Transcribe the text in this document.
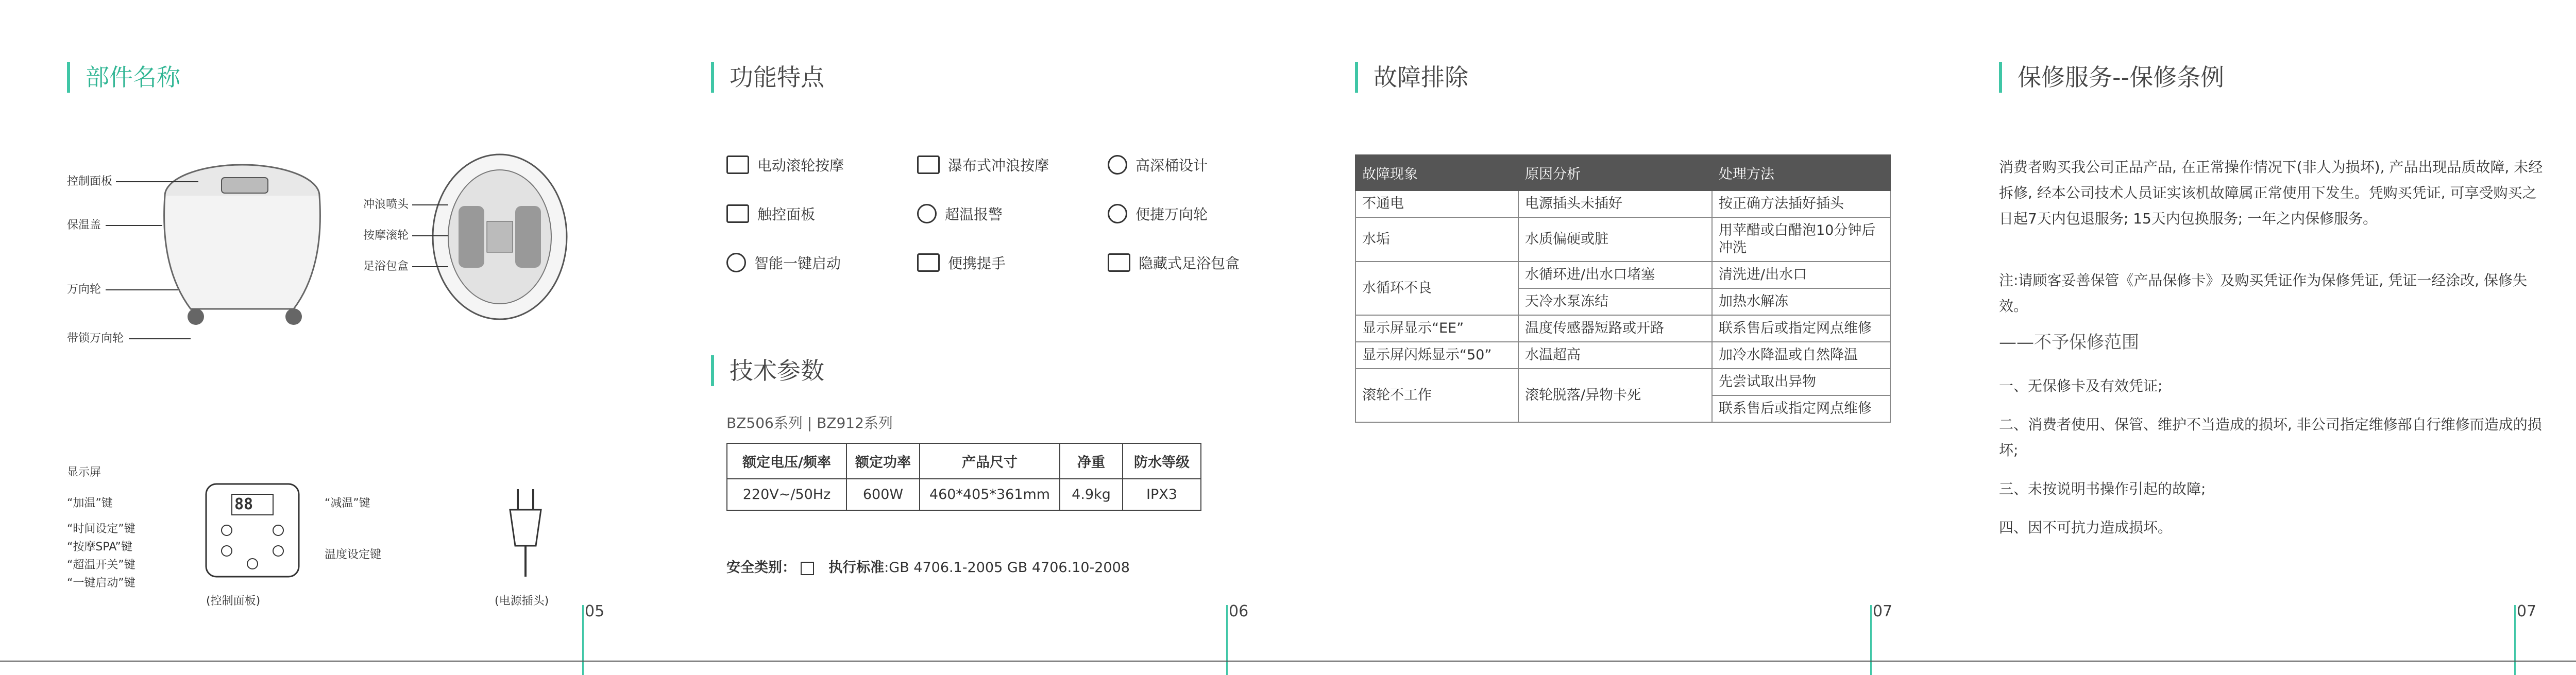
部件名称
控制面板
保温盖
万向轮
带锁万向轮
冲浪喷头
按摩滚轮
足浴包盒
显示屏
“加温”键
“时间设定”键
“按摩SPA”键
“超温开关”键
“一键启动”键
88	“减温”键
温度设定键
(控制面板)	(电源插头)
05
功能特点
电动滚轮按摩	瀑布式冲浪按摩	高深桶设计
触控面板	超温报警	便捷万向轮
智能一键启动	便携提手	隐藏式足浴包盒
技术参数
BZ506系列 | BZ912系列
额定电压/频率	额定功率	产品尺寸	净重	防水等级
220V~/50Hz	600W	460*405*361mm	4.9kg	IPX3
安全类别： 执行标准:GB 4706.1-2005 GB 4706.10-2008
06
故障排除
故障现象	原因分析	处理方法
不通电	电源插头未插好	按正确方法插好插头
水垢	水质偏硬或脏	用苹醋或白醋泡10分钟后冲洗
水循环不良	水循环进/出水口堵塞	清洗进/出水口
	天冷水泵冻结	加热水解冻
显示屏显示“EE”	温度传感器短路或开路	联系售后或指定网点维修
显示屏闪烁显示“50”	水温超高	加冷水降温或自然降温
滚轮不工作	滚轮脱落/异物卡死	先尝试取出异物
		联系售后或指定网点维修
07
保修服务--保修条例
消费者购买我公司正品产品, 在正常操作情况下(非人为损坏), 产品出现品质故障, 未经拆修, 经本公司技术人员证实该机故障属正常使用下发生。凭购买凭证, 可享受购买之日起7天内包退服务; 15天内包换服务; 一年之内保修服务。
注:请顾客妥善保管《产品保修卡》及购买凭证作为保修凭证, 凭证一经涂改, 保修失效。
——不予保修范围
一、无保修卡及有效凭证;
二、消费者使用、保管、维护不当造成的损坏, 非公司指定维修部自行维修而造成的损坏;
三、未按说明书操作引起的故障;
四、因不可抗力造成损坏。
07
